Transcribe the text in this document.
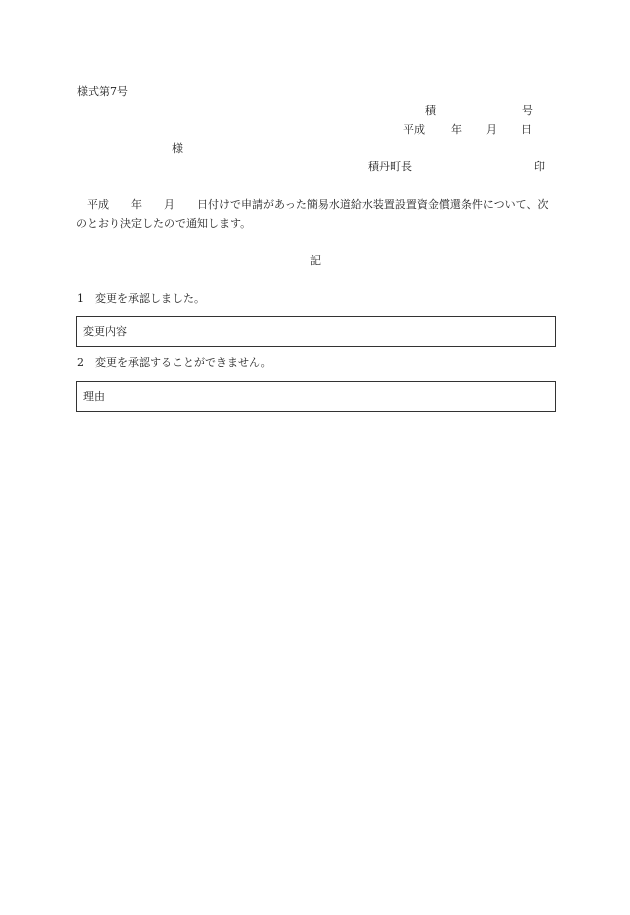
様式第7号
積	号
平成 年 月 日
様
積丹町長	印
　平成　　年　　月　　日付けで申請があった簡易水道給水装置設置資金償還条件について、次のとおり決定したので通知します。
記
1　変更を承認しました。
変更内容
2　変更を承認することができません。
理由
